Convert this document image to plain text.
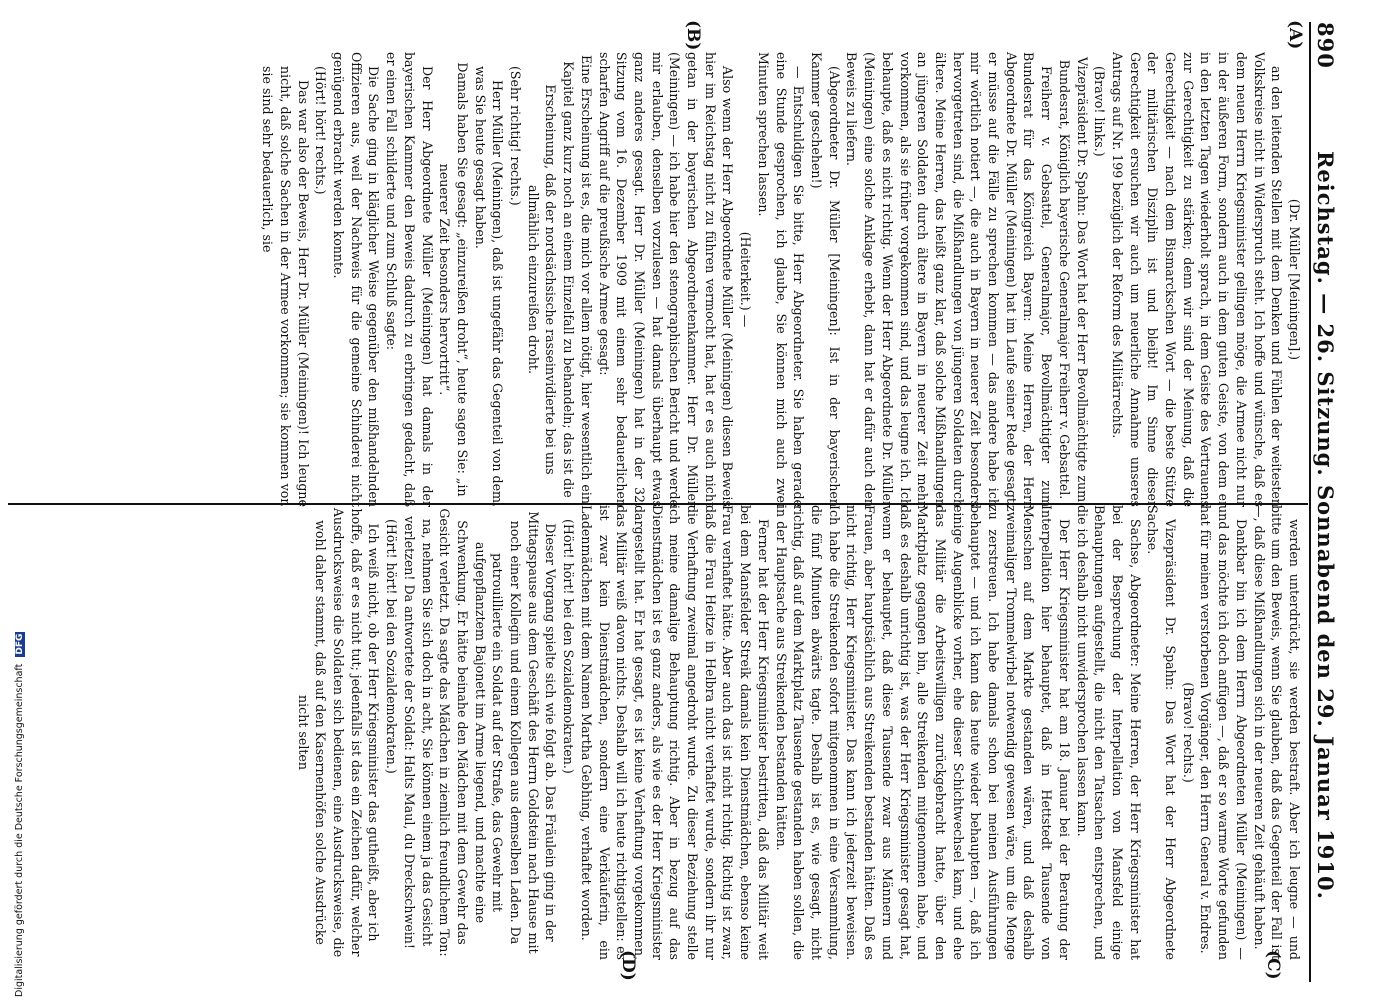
Digitalisierung gefördert durch die Deutsche Forschungsgemeinschaft DFG
890
Reichstag. — 26. Sitzung. Sonnabend den 29. Januar 1910.
(A)
(B)
(C)
(D)

(Dr. Müller [Meiningen].)

an den leitenden Stellen mit dem Denken und Fühlen der weitesten Volkskreise nicht in Widerspruch steht. Ich hoffe und wünsche, daß es dem neuen Herrn Kriegsminister gelingen möge, die Armee nicht nur in der äußeren Form, sondern auch in dem guten Geiste, von dem er in den letzten Tagen wiederholt sprach, in dem Geiste des Vertrauens zur Gerechtigkeit zu stärken; denn wir sind der Meinung, daß die Gerechtigkeit — nach dem Bismarckschen Wort — die beste Stütze der militärischen Disziplin ist und bleibt! Im Sinne dieser Gerechtigkeit ersuchen wir auch um neuerliche Annahme unseres Antrags auf Nr. 199 bezüglich der Reform des Militärrechts.

(Bravo! links.)

Vizepräsident Dr. Spahn: Das Wort hat der Herr Bevollmächtigte zum Bundesrat, Königlich bayerische Generalmajor Freiherr v. Gebsattel.

Freiherr v. Gebsattel, Generalmajor, Bevollmächtigter zum Bundesrat für das Königreich Bayern: Meine Herren, der Herr Abgeordnete Dr. Müller (Meiningen) hat im Laufe seiner Rede gesagt, er müsse auf die Fälle zu sprechen kommen — das andere habe ich mir wörtlich notiert —, die auch in Bayern in neuerer Zeit besonders hervorgetreten sind, die Mißhandlungen von jüngeren Soldaten durch ältere. Meine Herren, das heißt ganz klar, daß solche Mißhandlungen an jüngeren Soldaten durch ältere in Bayern in neuerer Zeit mehr vorkommen, als sie früher vorgekommen sind, und das leugne ich. Ich behaupte, daß es nicht richtig. Wenn der Herr Abgeordnete Dr. Müller (Meiningen) eine solche Anklage erhebt, dann hat er dafür auch den Beweis zu liefern.

(Abgeordneter Dr. Müller [Meiningen]: Ist in der bayerischen Kammer geschehen!)

— Entschuldigen Sie bitte, Herr Abgeordneter. Sie haben gerade eine Stunde gesprochen, ich glaube, Sie können mich auch zwei Minuten sprechen lassen.

(Heiterkeit.) —

Also wenn der Herr Abgeordnete Müller (Meiningen) diesen Beweis hier im Reichstag nicht zu führen vermocht hat, hat er es auch nicht getan in der bayerischen Abgeordnetenkammer. Herr Dr. Müller (Meiningen) — ich habe hier den stenographischen Bericht und werde mir erlauben, denselben vorzulesen — hat damals überhaupt etwas ganz anderes gesagt. Herr Dr. Müller (Meiningen) hat in der 32. Sitzung vom 16. Dezember 1909 mit einem sehr bedauerlichen scharfen Angriff auf die preußische Armee gesagt:

Eine Erscheinung ist es, die mich vor allem nötigt, hier wesentlich ein Kapitel ganz kurz noch an einem Einzelfall zu behandeln; das ist die Erscheinung, daß der nordsächsische rasseinvidierte bei uns allmählich einzureißen droht.

(Sehr richtig! rechts.)

Herr Müller (Meiningen), daß ist ungefähr das Gegenteil von dem, was Sie heute gesagt haben.

Damals haben Sie gesagt: „einzureißen droht“, heute sagen Sie: „in neuerer Zeit besonders hervortritt“.

Der Herr Abgeordnete Müller (Meiningen) hat damals in der bayerischen Kammer den Beweis dadurch zu erbringen gedacht, daß er einen Fall schilderte und zum Schluß sagte:

Die Sache ging in kläglicher Weise gegenüber den mißhandelnden Offizieren aus, weil der Nachweis für die gemeine Schinderei nicht genügend erbracht werden konnte.

(Hört! hört! rechts.)

Das war also der Beweis, Herr Dr. Müller (Meiningen)! Ich leugne nicht, daß solche Sachen in der Armee vorkommen; sie kommen vor, sie sind sehr bedauerlich, sie

werden unterdrückt, sie werden bestraft. Aber ich leugne — und bitte um den Beweis, wenn Sie glauben, daß das Gegenteil der Fall ist —, daß diese Mißhandlungen sich in der neueren Zeit gehäuft haben.

Dankbar bin ich dem Herrn Abgeordneten Müller (Meiningen) — und das möchte ich doch anfügen —, daß er so warme Worte gefunden hat für meinen verstorbenen Vorgänger, den Herrn General v. Endres.

(Bravo! rechts.)

Vizepräsident Dr. Spahn: Das Wort hat der Herr Abgeordnete Sachse.

Sachse, Abgeordneter: Meine Herren, der Herr Kriegsminister hat bei der Besprechung der Interpellation von Mansfeld einige Behauptungen aufgestellt, die nicht den Tatsachen entsprechen, und die ich deshalb nicht unwidersprochen lassen kann.

Der Herr Kriegsminister hat am 18. Januar bei der Beratung der Interpellation hier behauptet, daß in Hettstedt Tausende von Menschen auf dem Markte gestanden wären, und daß deshalb zweimaliger Trommelwirbel notwendig gewesen wäre, um die Menge zu zerstreuen. Ich habe damals schon bei meinen Ausführungen behauptet — und ich kann das heute wieder behaupten —, daß ich einige Augenblicke vorher, ehe dieser Schichtwechsel kam, und ehe das Militär die Arbeitswilligen zurückgebracht hatte, über den Marktplatz gegangen bin, alle Streikenden mitgenommen habe, und daß es deshalb unrichtig ist, was der Herr Kriegsminister gesagt hat, wenn er behauptet, daß diese Tausende zwar aus Männern und Frauen, aber hauptsächlich aus Streikenden bestanden hätten. Daß es nicht richtig, Herr Kriegsminister. Das kann ich jederzeit beweisen. Ich habe die Streikenden sofort mitgenommen in eine Versammlung, die fünf Minuten abwärts tagte. Deshalb ist es, wie gesagt, nicht richtig, daß auf dem Marktplatz Tausende gestanden haben sollen, die in der Hauptsache aus Streikenden bestanden hätten.

Ferner hat der Herr Kriegsminister bestritten, daß das Militär weit bei dem Mansfelder Streik damals kein Dienstmädchen, ebenso keine Frau verhaftet hätte. Aber auch das ist nicht richtig. Richtig ist zwar, daß die Frau Heitze in Helbra nicht verhaftet wurde, sondern ihr nur die Verhaftung zweimal angedroht wurde. Zu dieser Beziehung stelle ich meine damalige Behauptung richtig. Aber in bezug auf das Dienstmädchen ist es ganz anders, als wie es der Herr Kriegsminister dargestellt hat. Er hat gesagt, es ist keine Verhaftung vorgekommen, das Militär weiß davon nichts. Deshalb will ich heute richtigstellen: es ist zwar kein Dienstmädchen, sondern eine Verkäuferin, ein Ladenmädchen mit dem Namen Martha Gebhing, verhaftet worden.

(Hört! hört! bei den Sozialdemokraten.)

Dieser Vorgang spielte sich wie folgt ab. Das Fräulein ging in der Mittagspause aus dem Geschäft des Herrn Goldstein nach Hause mit noch einer Kollegin und einem Kollegen aus demselben Laden. Da patrouillierte ein Soldat auf der Straße, das Gewehr mit aufgepflanztem Bajonett im Arme liegend, und machte eine Schwenkung. Er hätte beinahe den Mädchen mit dem Gewehr das Gesicht verletzt. Da sagte das Mädchen in ziemlich freundlichem Ton: na, nehmen Sie sich doch in acht, Sie können einem ja das Gesicht verletzen! Da antwortete der Soldat: Halts Maul, du Dreckschwein!

(Hört! hört! bei den Sozialdemokraten.)

Ich weiß nicht, ob der Herr Kriegsminister das gutheißt, aber ich hoffe, daß er es nicht tut; jedenfalls ist das ein Zeichen dafür, welcher Ausdrucksweise die Soldaten sich bedienen, eine Ausdrucksweise, die wohl daher stammt, daß auf den Kasernenhöfen solche Ausdrücke nicht selten
